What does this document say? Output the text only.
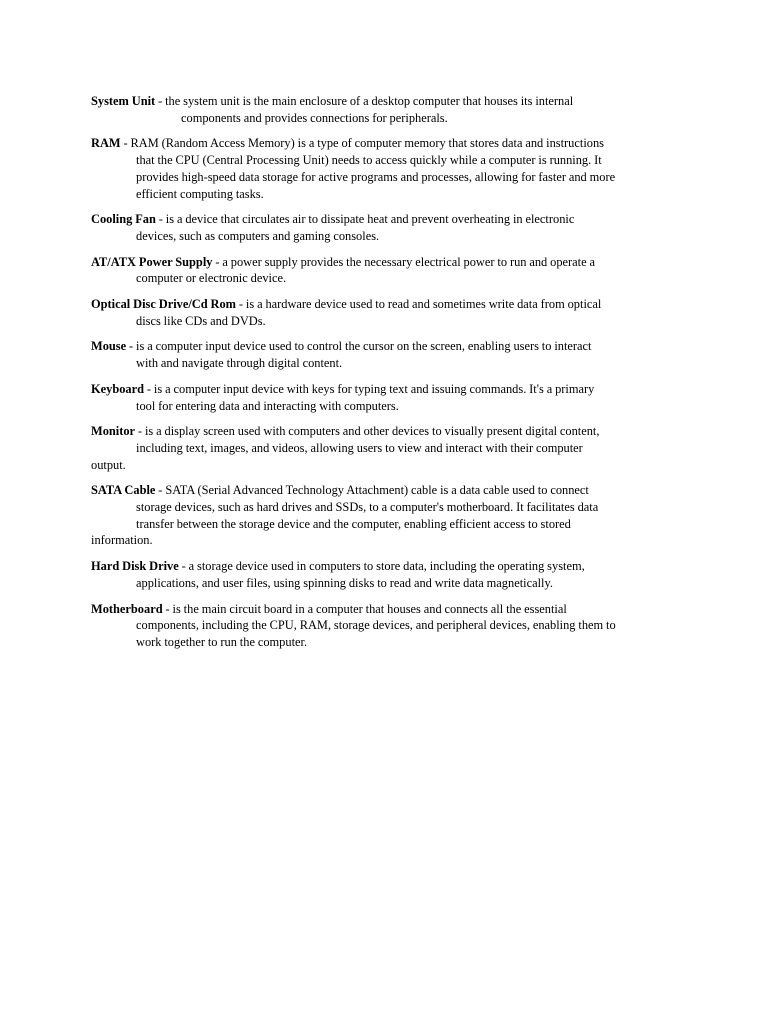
System Unit - the system unit is the main enclosure of a desktop computer that houses its internal
components and provides connections for peripherals.
RAM - RAM (Random Access Memory) is a type of computer memory that stores data and instructions
that the CPU (Central Processing Unit) needs to access quickly while a computer is running. It
provides high-speed data storage for active programs and processes, allowing for faster and more
efficient computing tasks.
Cooling Fan - is a device that circulates air to dissipate heat and prevent overheating in electronic
devices, such as computers and gaming consoles.
AT/ATX Power Supply - a power supply provides the necessary electrical power to run and operate a
computer or electronic device.
Optical Disc Drive/Cd Rom - is a hardware device used to read and sometimes write data from optical
discs like CDs and DVDs.
Mouse - is a computer input device used to control the cursor on the screen, enabling users to interact
with and navigate through digital content.
Keyboard - is a computer input device with keys for typing text and issuing commands. It's a primary
tool for entering data and interacting with computers.
Monitor - is a display screen used with computers and other devices to visually present digital content,
including text, images, and videos, allowing users to view and interact with their computer
output.
SATA Cable - SATA (Serial Advanced Technology Attachment) cable is a data cable used to connect
storage devices, such as hard drives and SSDs, to a computer's motherboard. It facilitates data
transfer between the storage device and the computer, enabling efficient access to stored
information.
Hard Disk Drive - a storage device used in computers to store data, including the operating system,
applications, and user files, using spinning disks to read and write data magnetically.
Motherboard - is the main circuit board in a computer that houses and connects all the essential
components, including the CPU, RAM, storage devices, and peripheral devices, enabling them to
work together to run the computer.
